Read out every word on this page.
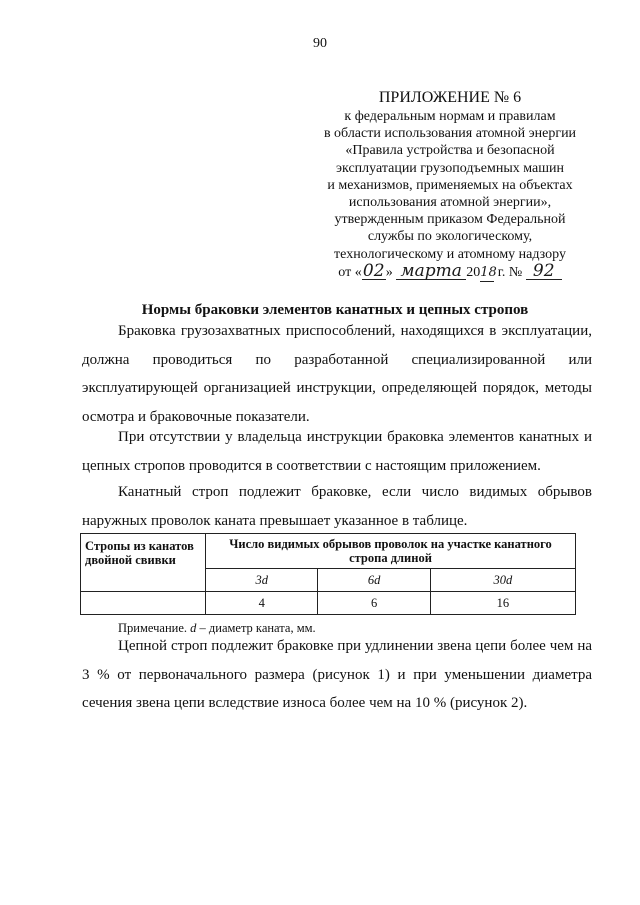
90
ПРИЛОЖЕНИЕ № 6
к федеральным нормам и правилам
в области использования атомной энергии
«Правила устройства и безопасной
эксплуатации грузоподъемных машин
и механизмов, применяемых на объектах
использования атомной энергии»,
утвержденным приказом Федеральной
службы по экологическому,
технологическому и атомному надзору
от «02» марта 2018 г. № 92
Нормы браковки элементов канатных и цепных стропов
Браковка грузозахватных приспособлений, находящихся в эксплуатации, должна проводиться по разработанной специализированной или эксплуатирующей организацией инструкции, определяющей порядок, методы осмотра и браковочные показатели.
При отсутствии у владельца инструкции браковка элементов канатных и цепных стропов проводится в соответствии с настоящим приложением.
Канатный строп подлежит браковке, если число видимых обрывов наружных проволок каната превышает указанное в таблице.
Стропы из канатов двойной свивки	Число видимых обрывов проволок на участке канатного стропа длиной		
	3d	6d	30d
	4	6	16
Примечание. d – диаметр каната, мм.
Цепной строп подлежит браковке при удлинении звена цепи более чем на 3 % от первоначального размера (рисунок 1) и при уменьшении диаметра сечения звена цепи вследствие износа более чем на 10 % (рисунок 2).
